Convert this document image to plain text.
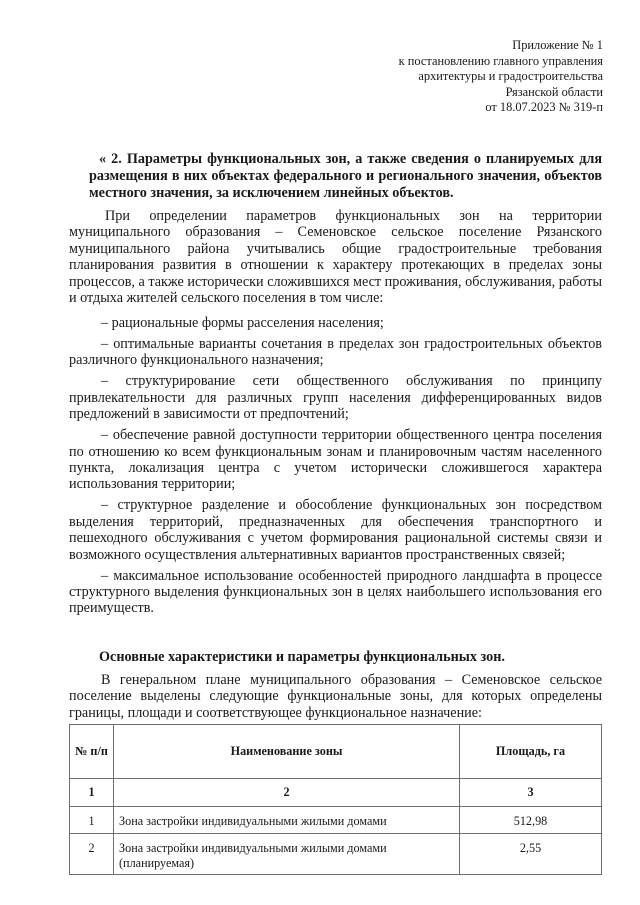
Приложение № 1
к постановлению главного управления
архитектуры и градостроительства
Рязанской области
от 18.07.2023 № 319-п
« 2. Параметры функциональных зон, а также сведения о планируемых для размещения в них объектах федерального и регионального значения, объектов местного значения, за исключением линейных объектов.

При определении параметров функциональных зон на территории муниципального образования – Семеновское сельское поселение Рязанского муниципального района учитывались общие градостроительные требования планирования развития в отношении к характеру протекающих в пределах зоны процессов, а также исторически сложившихся мест проживания, обслуживания, работы и отдыха жителей сельского поселения в том числе:

– рациональные формы расселения населения;

– оптимальные варианты сочетания в пределах зон градостроительных объектов различного функционального назначения;

– структурирование сети общественного обслуживания по принципу привлекательности для различных групп населения дифференцированных видов предложений в зависимости от предпочтений;

– обеспечение равной доступности территории общественного центра поселения по отношению ко всем функциональным зонам и планировочным частям населенного пункта, локализация центра с учетом исторически сложившегося характера использования территории;

– структурное разделение и обособление функциональных зон посредством выделения территорий, предназначенных для обеспечения транспортного и пешеходного обслуживания с учетом формирования рациональной системы связи и возможного осуществления альтернативных вариантов пространственных связей;

– максимальное использование особенностей природного ландшафта в процессе структурного выделения функциональных зон в целях наибольшего использования его преимуществ.

Основные характеристики и параметры функциональных зон.

В генеральном плане муниципального образования – Семеновское сельское поселение выделены следующие функциональные зоны, для которых определены границы, площади и соответствующее функциональное назначение:

№ п/п	Наименование зоны	Площадь, га
1	2	3
1	Зона застройки индивидуальными жилыми домами	512,98
2	Зона застройки индивидуальными жилыми домами (планируемая)	2,55
